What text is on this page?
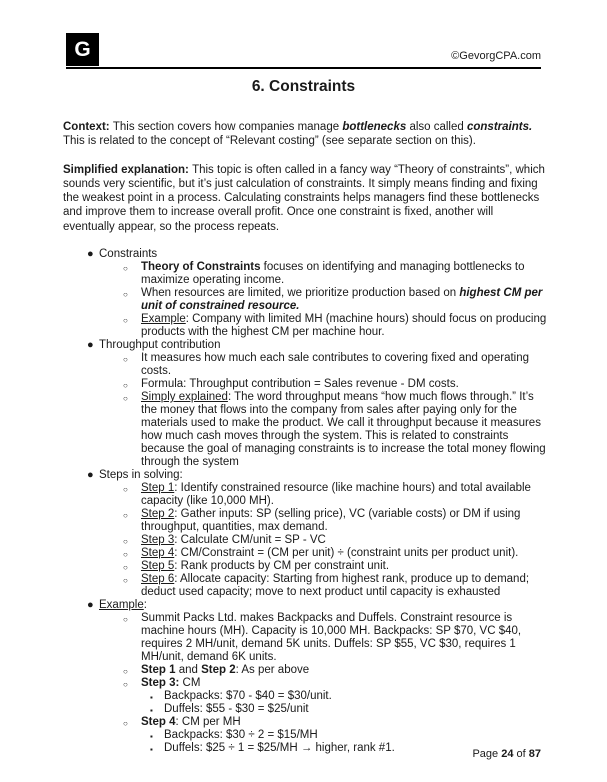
G	©GevorgCPA.com
6. Constraints
Context: This section covers how companies manage bottlenecks also called constraints. This is related to the concept of “Relevant costing” (see separate section on this).
Simplified explanation: This topic is often called in a fancy way “Theory of constraints”, which sounds very scientific, but it’s just calculation of constraints. It simply means finding and fixing the weakest point in a process. Calculating constraints helps managers find these bottlenecks and improve them to increase overall profit. Once one constraint is fixed, another will eventually appear, so the process repeats.
● Constraints
○ Theory of Constraints focuses on identifying and managing bottlenecks to maximize operating income.
○ When resources are limited, we prioritize production based on highest CM per unit of constrained resource.
○ Example: Company with limited MH (machine hours) should focus on producing products with the highest CM per machine hour.
● Throughput contribution
○ It measures how much each sale contributes to covering fixed and operating costs.
○ Formula: Throughput contribution = Sales revenue - DM costs.
○ Simply explained: The word throughput means “how much flows through.” It’s the money that flows into the company from sales after paying only for the materials used to make the product. We call it throughput because it measures how much cash moves through the system. This is related to constraints because the goal of managing constraints is to increase the total money flowing through the system
● Steps in solving:
○ Step 1: Identify constrained resource (like machine hours) and total available capacity (like 10,000 MH).
○ Step 2: Gather inputs: SP (selling price), VC (variable costs) or DM if using throughput, quantities, max demand.
○ Step 3: Calculate CM/unit = SP - VC
○ Step 4: CM/Constraint = (CM per unit) ÷ (constraint units per product unit).
○ Step 5: Rank products by CM per constraint unit.
○ Step 6: Allocate capacity: Starting from highest rank, produce up to demand; deduct used capacity; move to next product until capacity is exhausted
● Example:
○ Summit Packs Ltd. makes Backpacks and Duffels. Constraint resource is machine hours (MH). Capacity is 10,000 MH. Backpacks: SP $70, VC $40, requires 2 MH/unit, demand 5K units. Duffels: SP $55, VC $30, requires 1 MH/unit, demand 6K units.
○ Step 1 and Step 2: As per above
○ Step 3: CM
▪ Backpacks: $70 - $40 = $30/unit.
▪ Duffels: $55 - $30 = $25/unit
○ Step 4: CM per MH
▪ Backpacks: $30 ÷ 2 = $15/MH
▪ Duffels: $25 ÷ 1 = $25/MH → higher, rank #1.	Page 24 of 87
